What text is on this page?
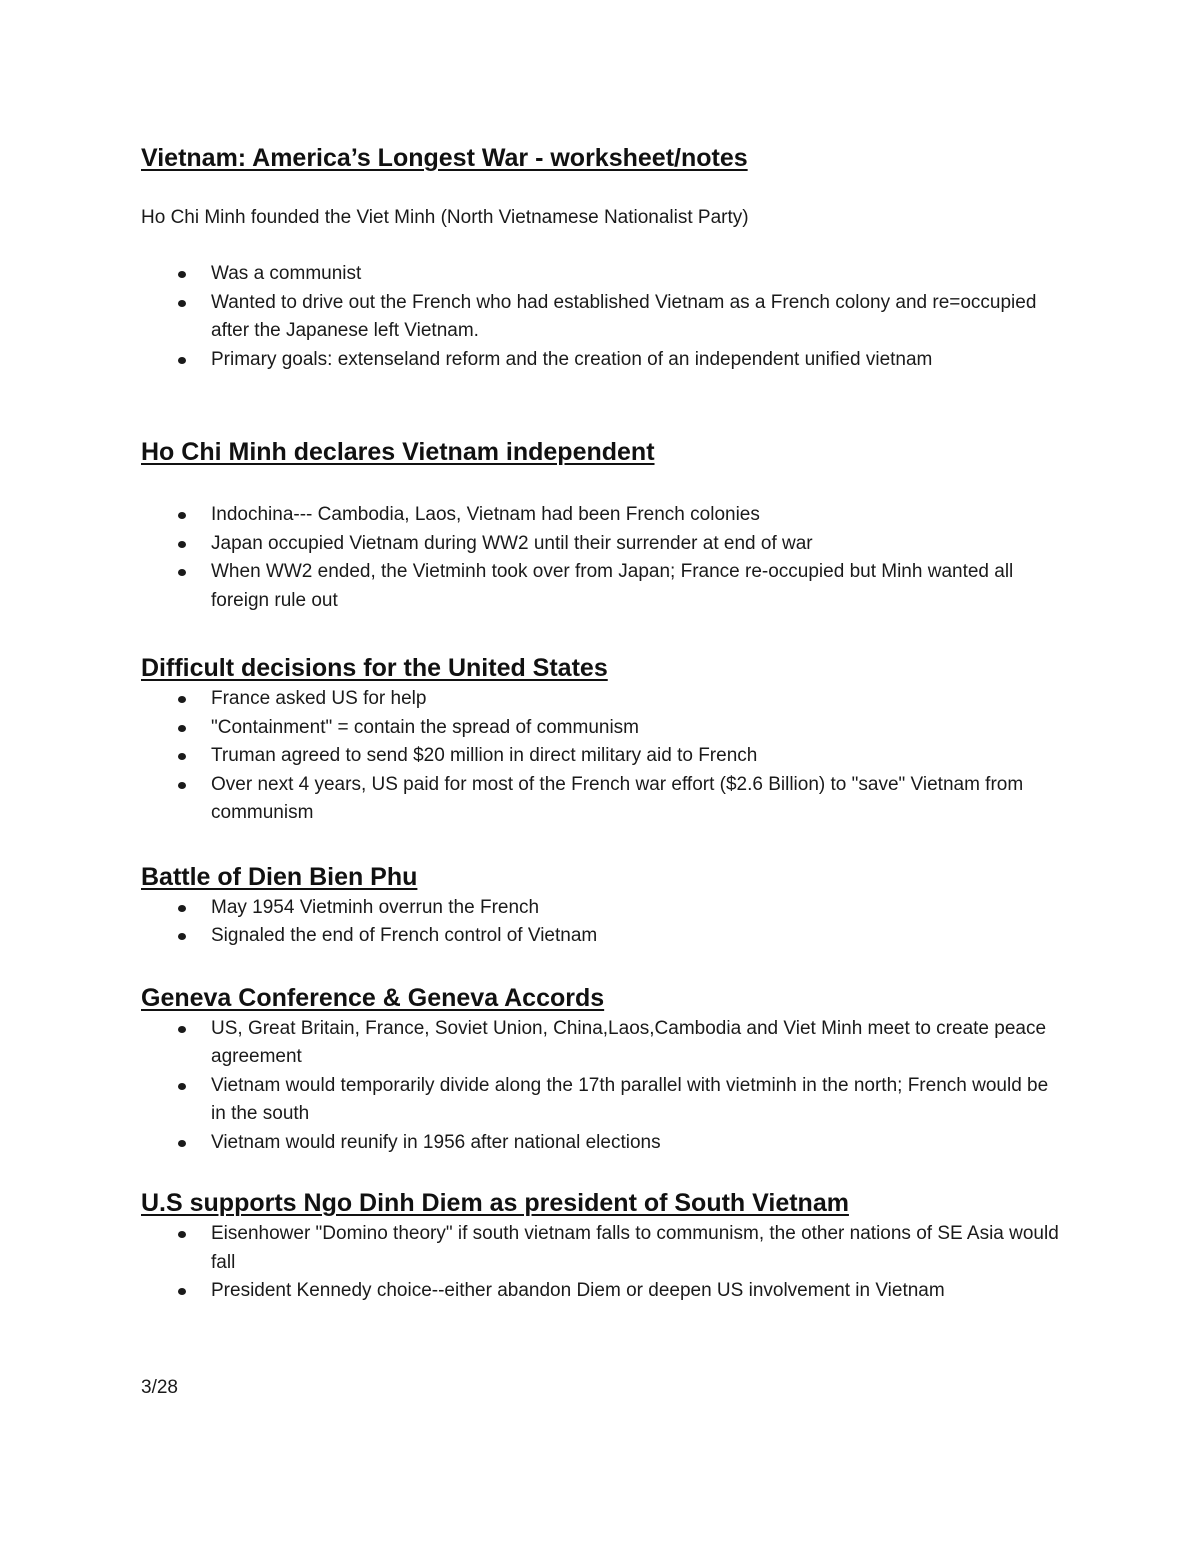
Vietnam: America’s Longest War - worksheet/notes

Ho Chi Minh founded the Viet Minh (North Vietnamese Nationalist Party)

Was a communist
Wanted to drive out the French who had established Vietnam as a French colony and re=occupied after the Japanese left Vietnam.
Primary goals: extenseland reform and the creation of an independent unified vietnam
Ho Chi Minh declares Vietnam independent
Indochina--- Cambodia, Laos, Vietnam had been French colonies
Japan occupied Vietnam during WW2 until their surrender at end of war
When WW2 ended, the Vietminh took over from Japan; France re-occupied but Minh wanted all foreign rule out
Difficult decisions for the United States
France asked US for help
"Containment" = contain the spread of communism
Truman agreed to send $20 million in direct military aid to French
Over next 4 years, US paid for most of the French war effort ($2.6 Billion) to "save" Vietnam from communism
Battle of Dien Bien Phu
May 1954 Vietminh overrun the French
Signaled the end of French control of Vietnam
Geneva Conference & Geneva Accords
US, Great Britain, France, Soviet Union, China,Laos,Cambodia and Viet Minh meet to create peace agreement
Vietnam would temporarily divide along the 17th parallel with vietminh in the north; French would be in the south
Vietnam would reunify in 1956 after national elections
U.S supports Ngo Dinh Diem as president of South Vietnam
Eisenhower "Domino theory" if south vietnam falls to communism, the other nations of SE Asia would fall
President Kennedy choice--either abandon Diem or deepen US involvement in Vietnam
3/28
